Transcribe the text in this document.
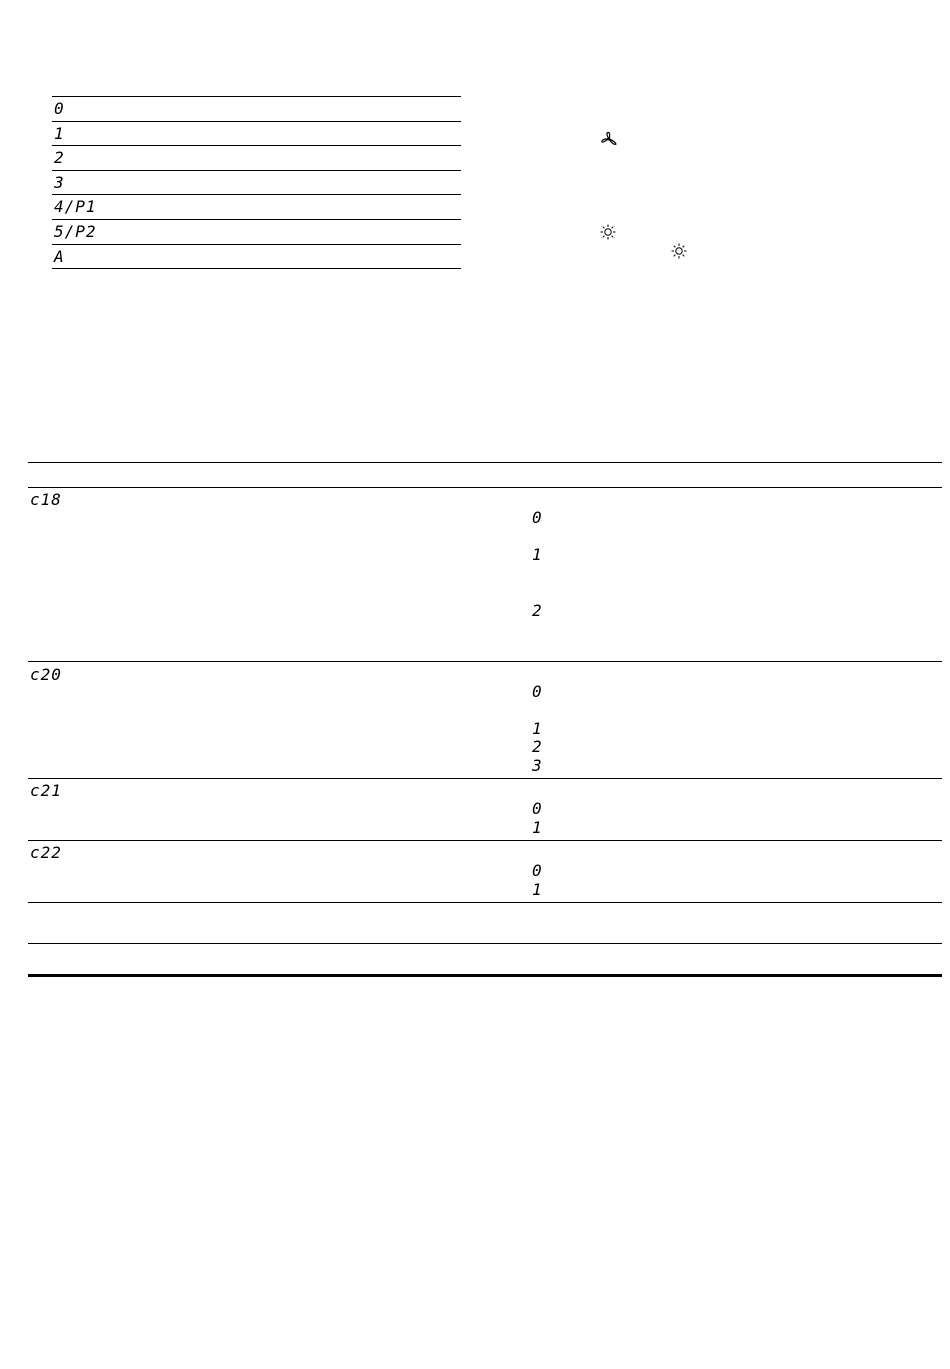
0
1
2
3
4/P1
5/P2
A
c18
0
1
2
c20
0
1
2
3
c21
0
1
c22
0
1
